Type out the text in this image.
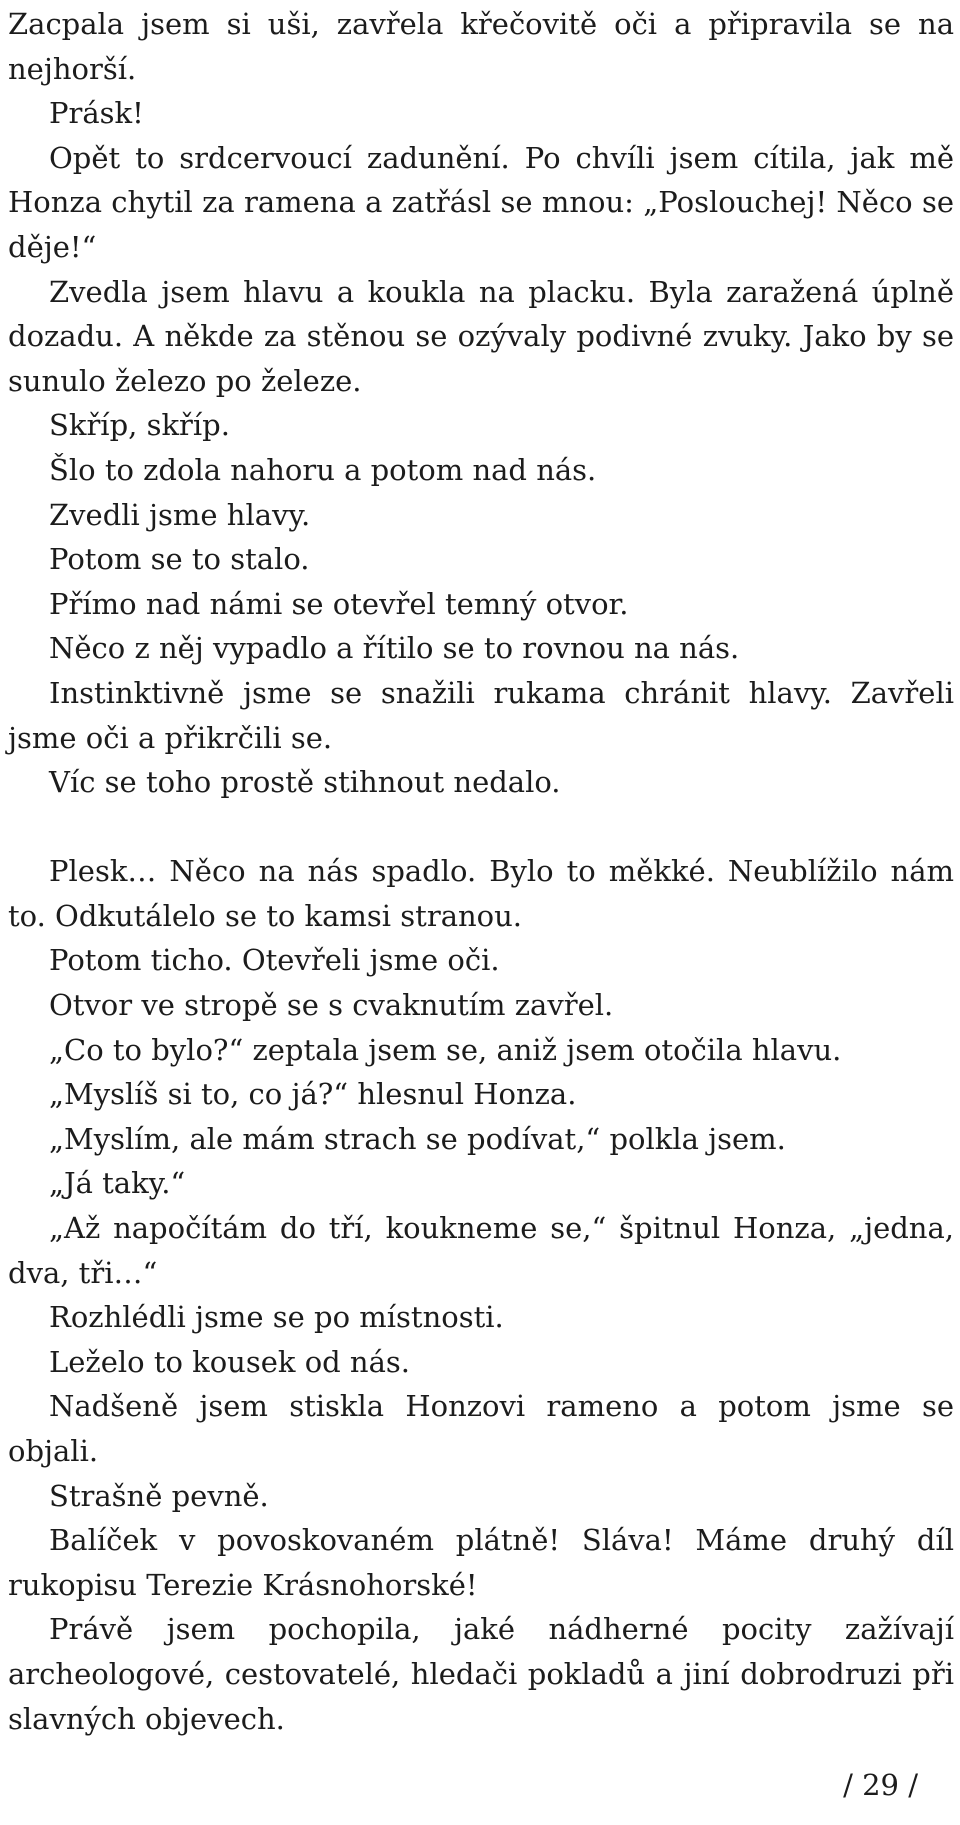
Zacpala jsem si uši, zavřela křečovitě oči a připravila se na nejhorší.

Prásk!

Opět to srdcervoucí zadunění. Po chvíli jsem cítila, jak mě Honza chytil za ramena a zatřásl se mnou: „Poslouchej! Něco se děje!“

Zvedla jsem hlavu a koukla na placku. Byla zaražená úplně dozadu. A někde za stěnou se ozývaly podivné zvuky. Jako by se sunulo železo po železe.

Skříp, skříp.

Šlo to zdola nahoru a potom nad nás.

Zvedli jsme hlavy.

Potom se to stalo.

Přímo nad námi se otevřel temný otvor.

Něco z něj vypadlo a řítilo se to rovnou na nás.

Instinktivně jsme se snažili rukama chránit hlavy. Zavřeli jsme oči a přikrčili se.

Víc se toho prostě stihnout nedalo.

Plesk… Něco na nás spadlo. Bylo to měkké. Neublížilo nám to. Odkutálelo se to kamsi stranou.

Potom ticho. Otevřeli jsme oči.

Otvor ve stropě se s cvaknutím zavřel.

„Co to bylo?“ zeptala jsem se, aniž jsem otočila hlavu.

„Myslíš si to, co já?“ hlesnul Honza.

„Myslím, ale mám strach se podívat,“ polkla jsem.

„Já taky.“

„Až napočítám do tří, koukneme se,“ špitnul Honza, „jedna, dva, tři…“

Rozhlédli jsme se po místnosti.

Leželo to kousek od nás.

Nadšeně jsem stiskla Honzovi rameno a potom jsme se objali.

Strašně pevně.

Balíček v povoskovaném plátně! Sláva! Máme druhý díl rukopisu Terezie Krásnohorské!

Právě jsem pochopila, jaké nádherné pocity zažívají archeologové, cestovatelé, hledači pokladů a jiní dobrodruzi při slavných objevech.

/ 29 /
